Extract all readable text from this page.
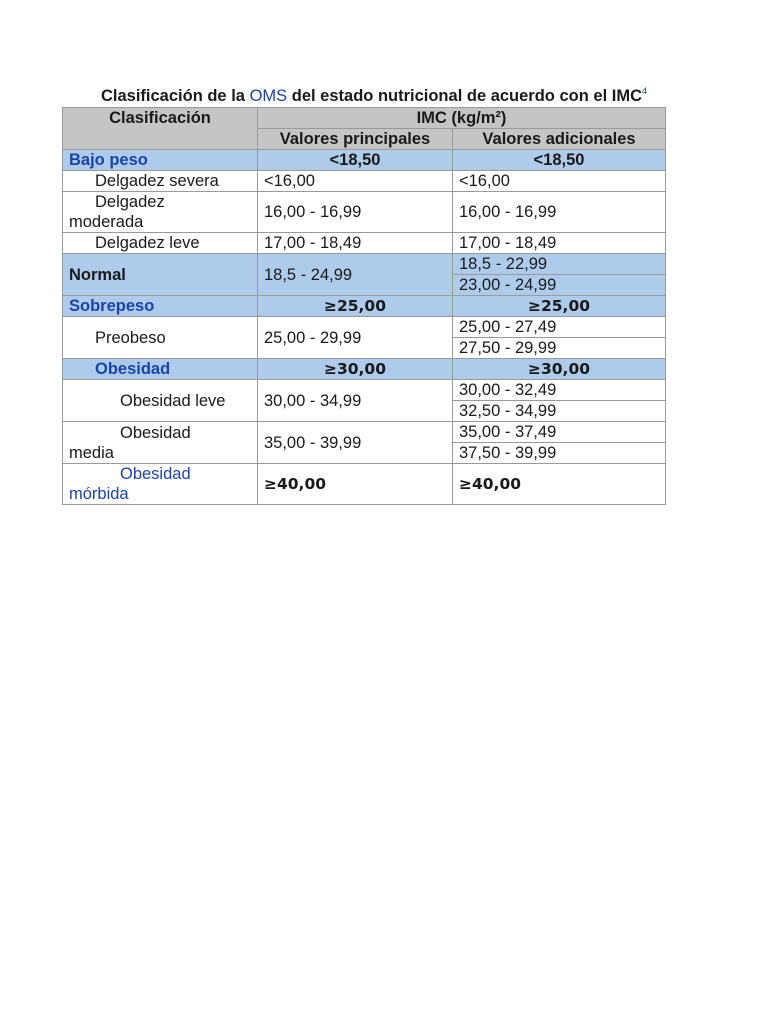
Clasificación de la OMS del estado nutricional de acuerdo con el IMC$^4$
Clasificación	IMC (kg/m²)	
	Valores principales	Valores adicionales
Bajo peso	<18,50	<18,50
Delgadez severa	<16,00	<16,00
Delgadez
moderada	16,00 - 16,99	16,00 - 16,99
Delgadez leve	17,00 - 18,49	17,00 - 18,49
Normal	18,5 - 24,99	18,5 - 22,99
		23,00 - 24,99
Sobrepeso	≥25,00	≥25,00
Preobeso	25,00 - 29,99	25,00 - 27,49
		27,50 - 29,99
Obesidad	≥30,00	≥30,00
Obesidad leve	30,00 - 34,99	30,00 - 32,49
		32,50 - 34,99
Obesidad
media	35,00 - 39,99	35,00 - 37,49
		37,50 - 39,99
Obesidad
mórbida	≥40,00	≥40,00
